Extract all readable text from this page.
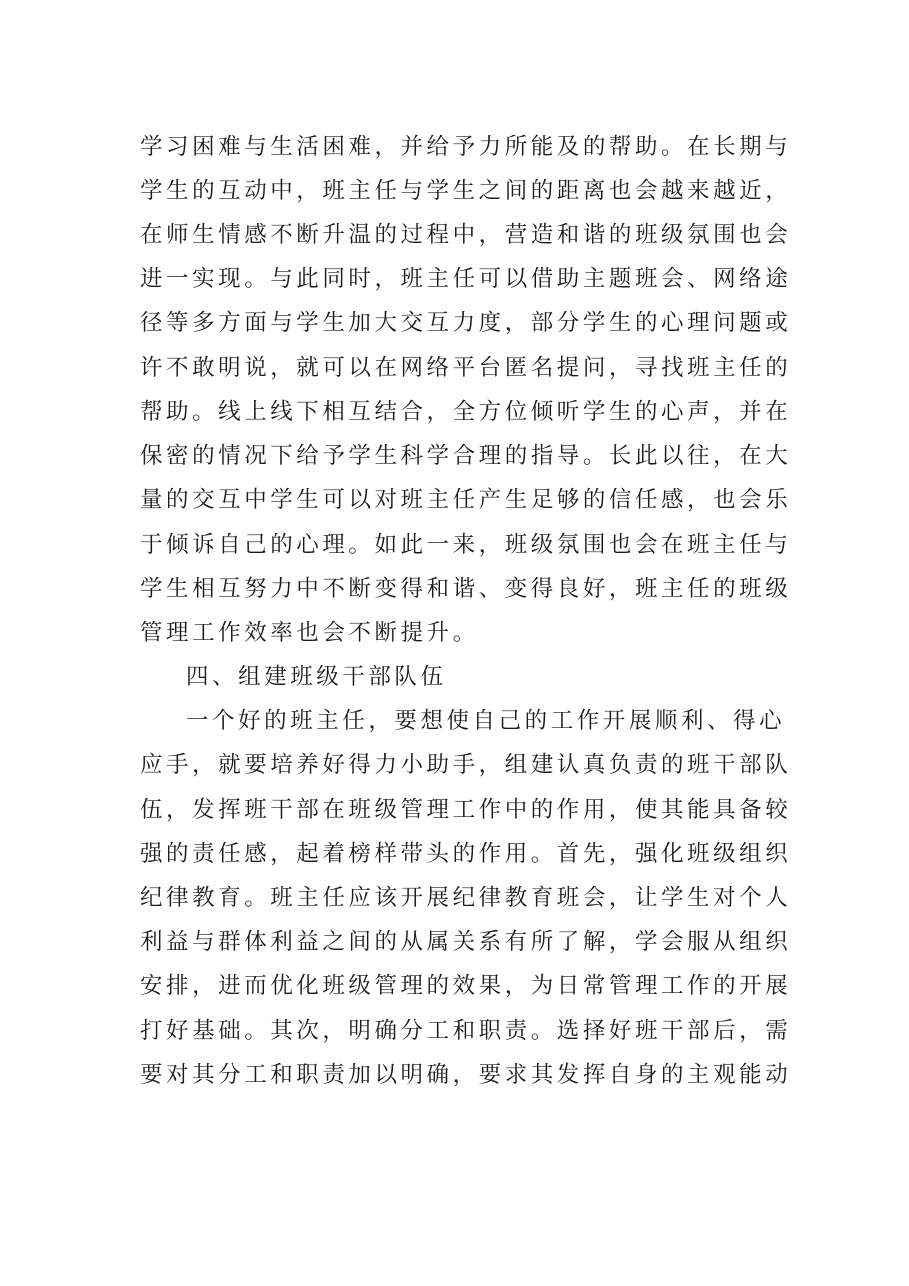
学习困难与生活困难，并给予力所能及的帮助。在长期与
学生的互动中，班主任与学生之间的距离也会越来越近，
在师生情感不断升温的过程中，营造和谐的班级氛围也会
进一实现。与此同时，班主任可以借助主题班会、网络途
径等多方面与学生加大交互力度，部分学生的心理问题或
许不敢明说，就可以在网络平台匿名提问，寻找班主任的
帮助。线上线下相互结合，全方位倾听学生的心声，并在
保密的情况下给予学生科学合理的指导。长此以往，在大
量的交互中学生可以对班主任产生足够的信任感，也会乐
于倾诉自己的心理。如此一来，班级氛围也会在班主任与
学生相互努力中不断变得和谐、变得良好，班主任的班级
管理工作效率也会不断提升。
四、组建班级干部队伍
一个好的班主任，要想使自己的工作开展顺利、得心
应手，就要培养好得力小助手，组建认真负责的班干部队
伍，发挥班干部在班级管理工作中的作用，使其能具备较
强的责任感，起着榜样带头的作用。首先，强化班级组织
纪律教育。班主任应该开展纪律教育班会，让学生对个人
利益与群体利益之间的从属关系有所了解，学会服从组织
安排，进而优化班级管理的效果，为日常管理工作的开展
打好基础。其次，明确分工和职责。选择好班干部后，需
要对其分工和职责加以明确，要求其发挥自身的主观能动
